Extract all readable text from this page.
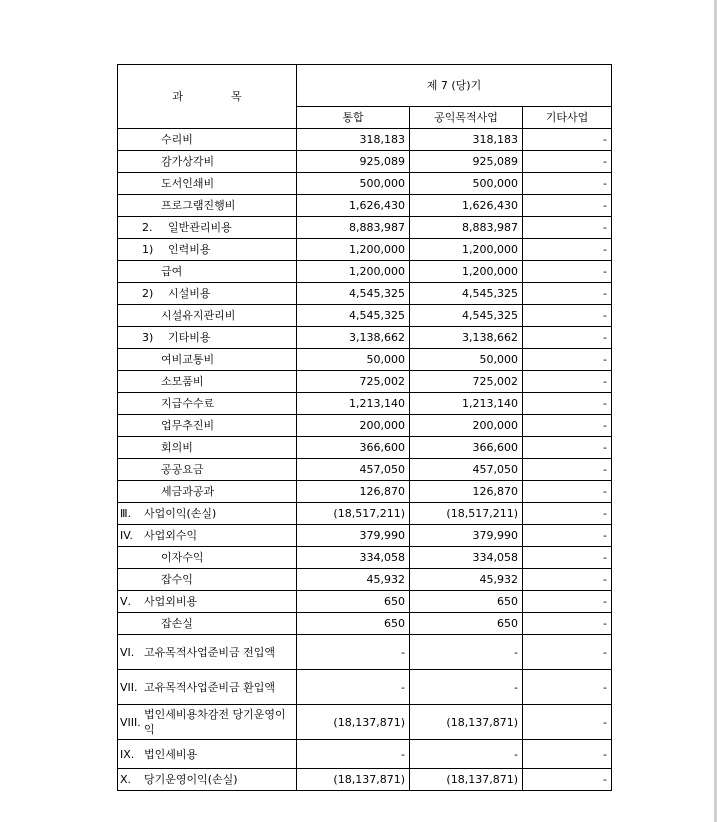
과 목	제 7 (당)기		
	통합	공익목적사업	기타사업

수리비	318,183	318,183	-

감가상각비	925,089	925,089	-

도서인쇄비	500,000	500,000	-

프로그램진행비	1,626,430	1,626,430	-

2. 일반관리비용	8,883,987	8,883,987	-

1) 인력비용	1,200,000	1,200,000	-

급여	1,200,000	1,200,000	-

2) 시설비용	4,545,325	4,545,325	-

시설유지관리비	4,545,325	4,545,325	-

3) 기타비용	3,138,662	3,138,662	-

여비교통비	50,000	50,000	-

소모품비	725,002	725,002	-

지급수수료	1,213,140	1,213,140	-

업무추진비	200,000	200,000	-

회의비	366,600	366,600	-

공공요금	457,050	457,050	-

세금과공과	126,870	126,870	-

Ⅲ. 사업이익(손실)	(18,517,211)	(18,517,211)	-

IV. 사업외수익	379,990	379,990	-

이자수익	334,058	334,058	-

잡수익	45,932	45,932	-

Ⅴ. 사업외비용	650	650	-

잡손실	650	650	-

VI. 고유목적사업준비금 전입액	-	-	-

VII. 고유목적사업준비금 환입액	-	-	-

VIII.
법인세비용차감전 당기운영이익	(18,137,871)	(18,137,871)	-

IX. 법인세비용	-	-	-

X. 당기운영이익(손실)	(18,137,871)	(18,137,871)	-
